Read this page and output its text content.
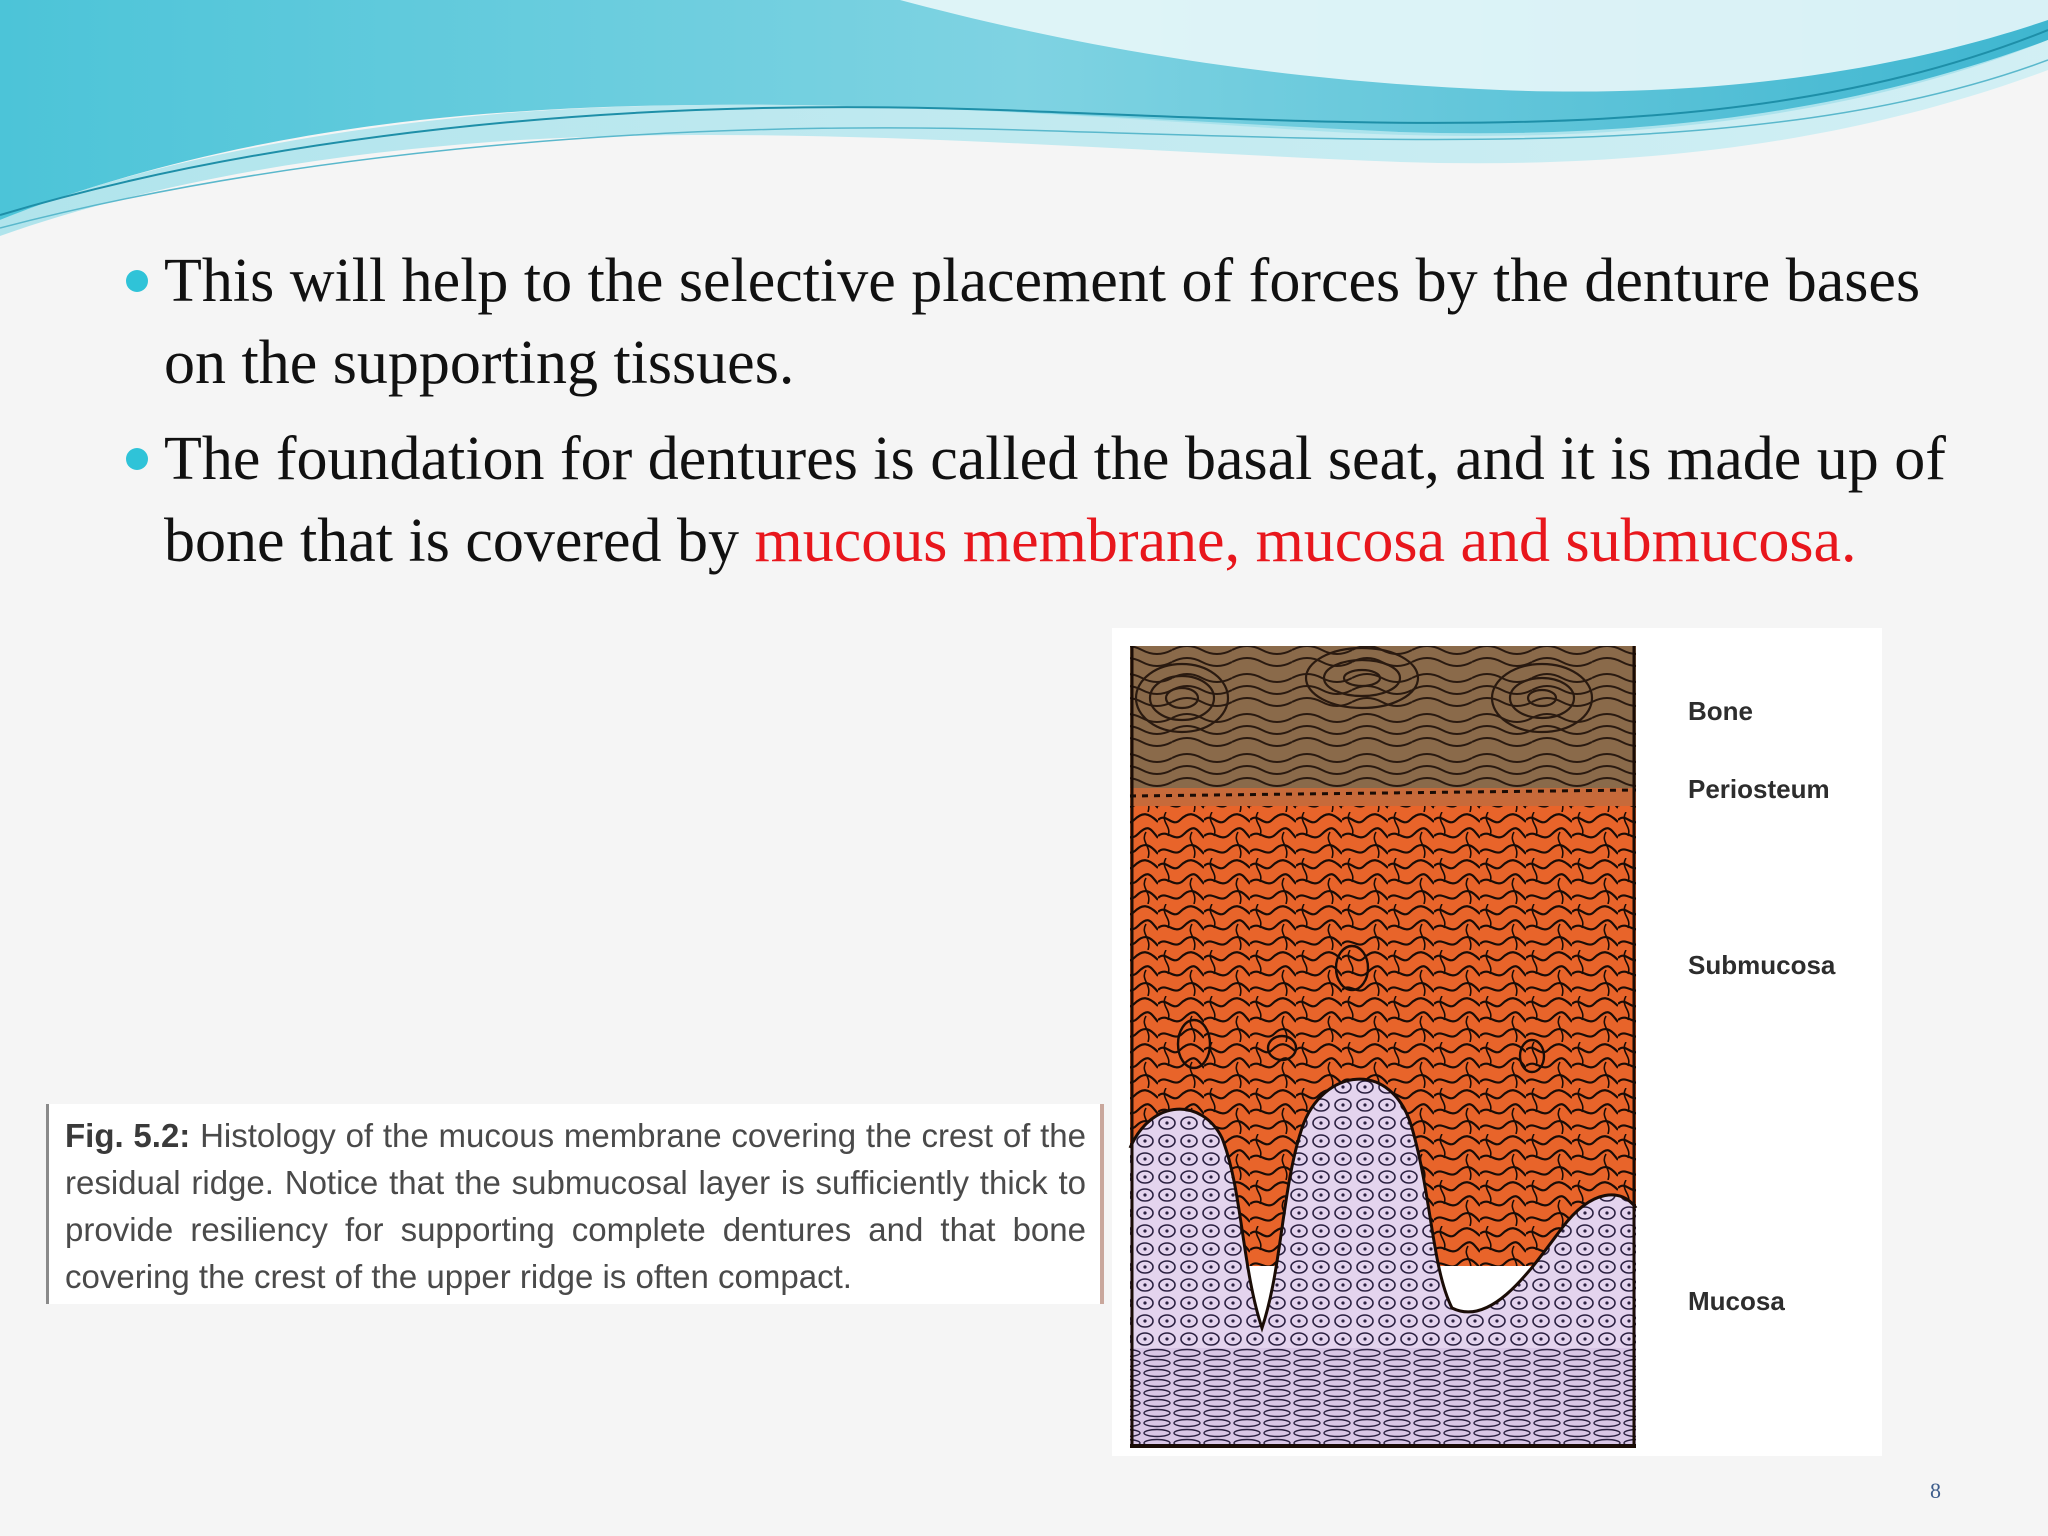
This will help to the selective placement of forces by the denture bases on the supporting tissues.
The foundation for dentures is called the basal seat, and it is made up of bone that is covered by mucous membrane, mucosa and submucosa.
Fig. 5.2: Histology of the mucous membrane covering the crest of the residual ridge. Notice that the submucosal layer is sufficiently thick to provide resiliency for supporting complete dentures and that bone covering the crest of the upper ridge is often compact.
Bone
Periosteum
Submucosa
Mucosa
8
